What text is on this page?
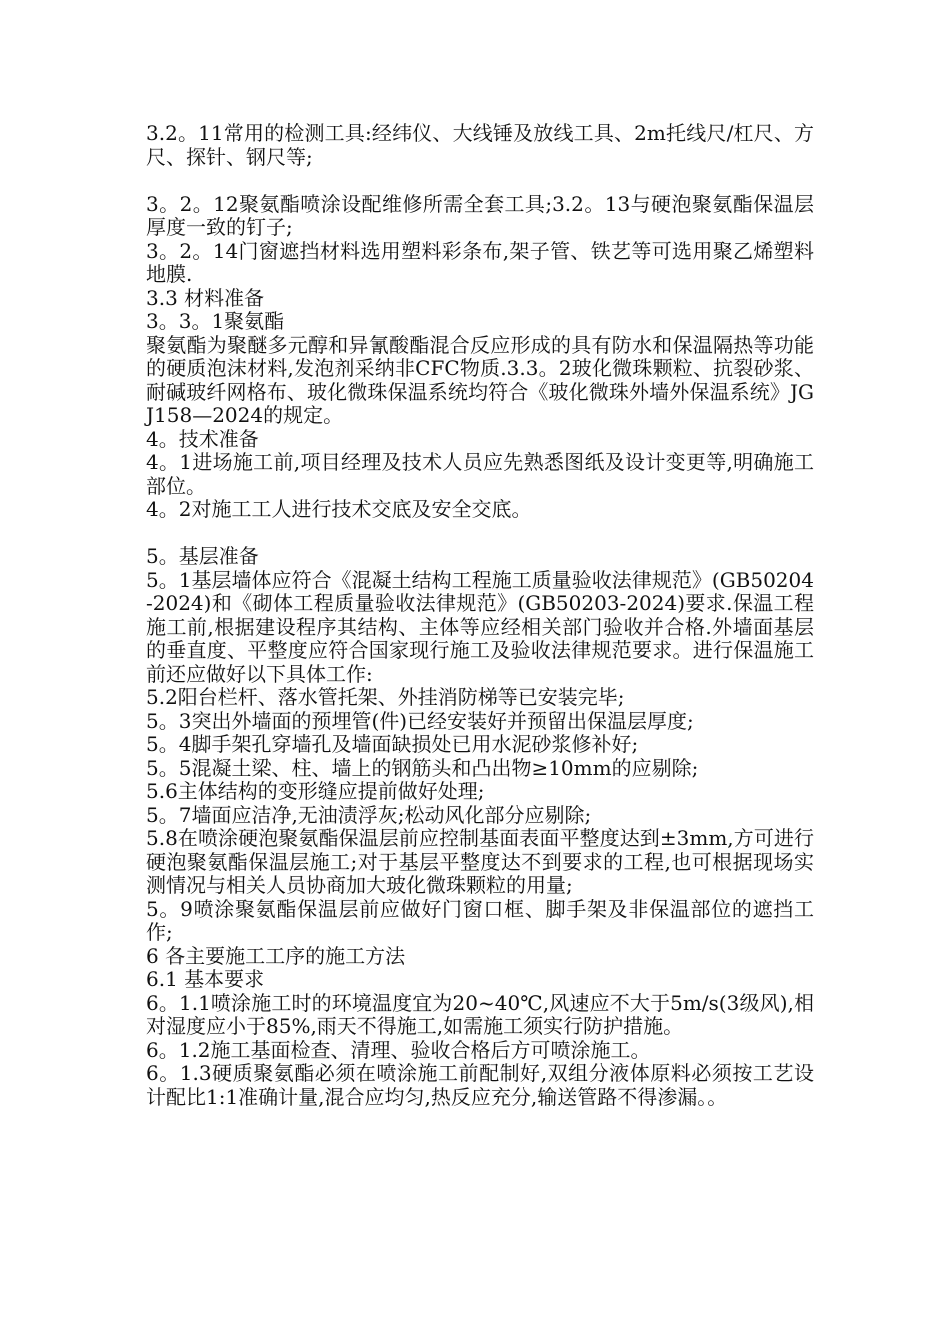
3.2。11常用的检测工具:经纬仪、大线锤及放线工具、2m托线尺/杠尺、方尺、探针、钢尺等;

3。2。12聚氨酯喷涂设配维修所需全套工具;3.2。13与硬泡聚氨酯保温层厚度一致的钉子;

3。2。14门窗遮挡材料选用塑料彩条布,架子管、铁艺等可选用聚乙烯塑料地膜.

3.3 材料准备

3。3。1聚氨酯

聚氨酯为聚醚多元醇和异氰酸酯混合反应形成的具有防水和保温隔热等功能的硬质泡沫材料,发泡剂采纳非CFC物质.3.3。2玻化微珠颗粒、抗裂砂浆、耐碱玻纤网格布、玻化微珠保温系统均符合《玻化微珠外墙外保温系统》JGJ158—2024的规定。

4。技术准备

4。1进场施工前,项目经理及技术人员应先熟悉图纸及设计变更等,明确施工部位。

4。2对施工工人进行技术交底及安全交底。

5。基层准备

5。1基层墙体应符合《混凝土结构工程施工质量验收法律规范》(GB50204-2024)和《砌体工程质量验收法律规范》(GB50203-2024)要求.保温工程施工前,根据建设程序其结构、主体等应经相关部门验收并合格.外墙面基层的垂直度、平整度应符合国家现行施工及验收法律规范要求。进行保温施工前还应做好以下具体工作:

5.2阳台栏杆、落水管托架、外挂消防梯等已安装完毕;

5。3突出外墙面的预埋管(件)已经安装好并预留出保温层厚度;

5。4脚手架孔穿墙孔及墙面缺损处已用水泥砂浆修补好;

5。5混凝土梁、柱、墙上的钢筋头和凸出物≥10mm的应剔除;

5.6主体结构的变形缝应提前做好处理;

5。7墙面应洁净,无油渍浮灰;松动风化部分应剔除;

5.8在喷涂硬泡聚氨酯保温层前应控制基面表面平整度达到±3mm,方可进行硬泡聚氨酯保温层施工;对于基层平整度达不到要求的工程,也可根据现场实测情况与相关人员协商加大玻化微珠颗粒的用量;

5。9喷涂聚氨酯保温层前应做好门窗口框、脚手架及非保温部位的遮挡工作;

6 各主要施工工序的施工方法

6.1 基本要求

6。1.1喷涂施工时的环境温度宜为20~40℃,风速应不大于5m/s(3级风),相对湿度应小于85%,雨天不得施工,如需施工须实行防护措施。

6。1.2施工基面检查、清理、验收合格后方可喷涂施工。

6。1.3硬质聚氨酯必须在喷涂施工前配制好,双组分液体原料必须按工艺设计配比1:1准确计量,混合应均匀,热反应充分,输送管路不得渗漏。。
